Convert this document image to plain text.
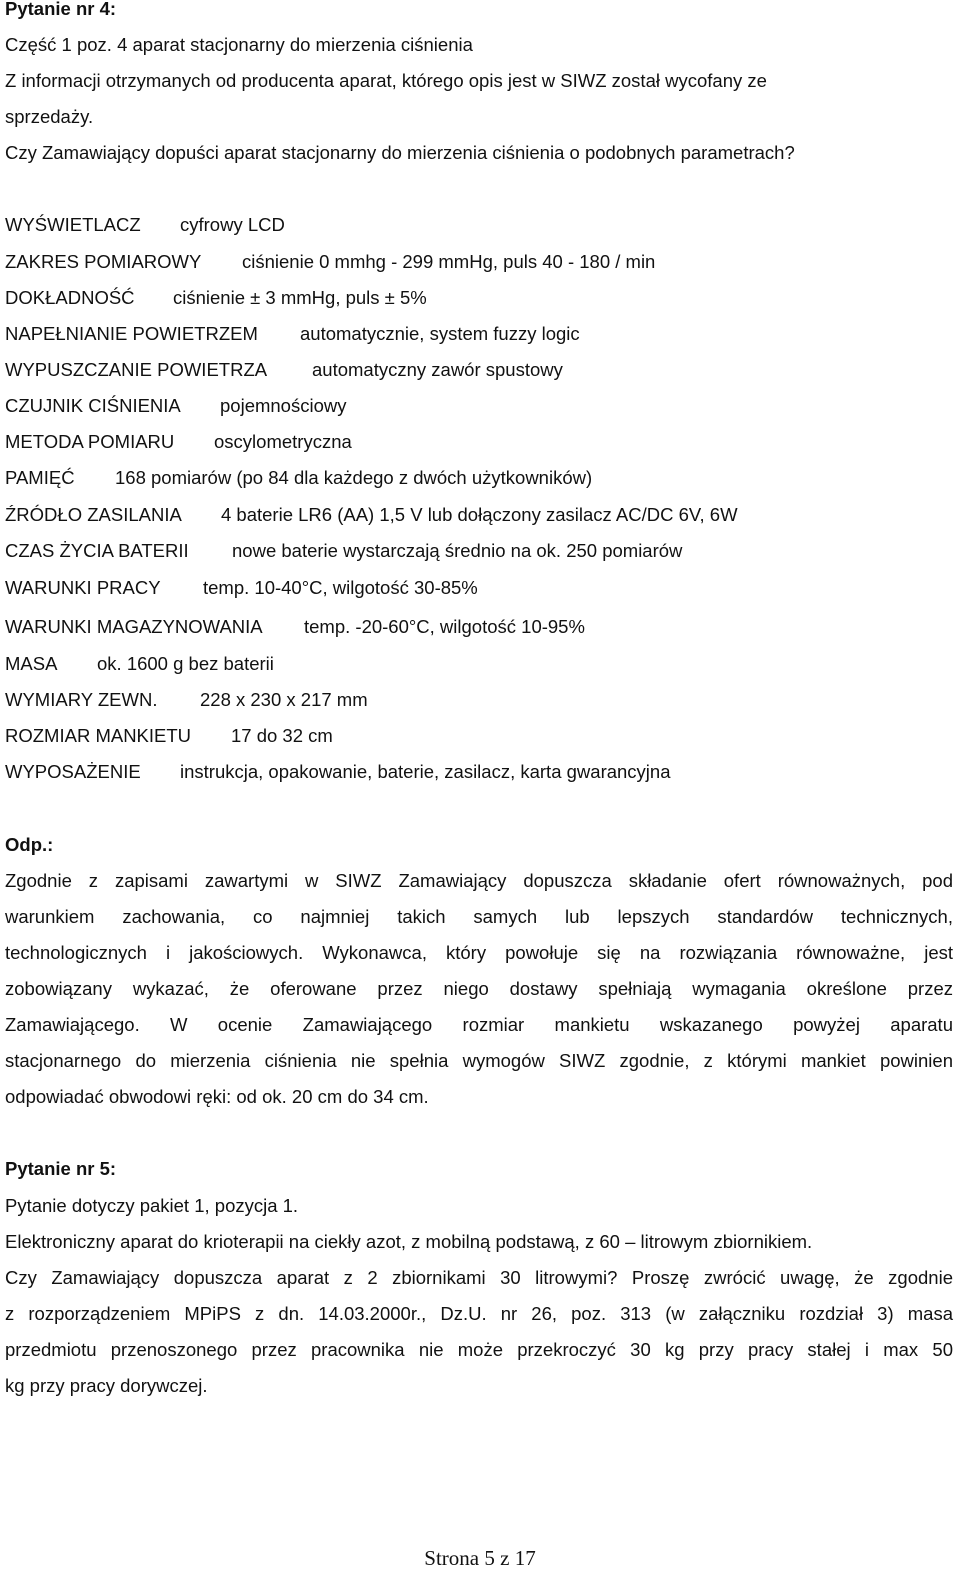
Pytanie nr 4:
Część 1 poz. 4 aparat stacjonarny do mierzenia ciśnienia
Z informacji otrzymanych od producenta aparat, którego opis jest w SIWZ został wycofany ze
sprzedaży.
Czy Zamawiający dopuści aparat stacjonarny do mierzenia ciśnienia o podobnych parametrach?
WYŚWIETLACZ cyfrowy LCD
ZAKRES POMIAROWY ciśnienie 0 mmhg - 299 mmHg, puls 40 - 180 / min
DOKŁADNOŚĆ ciśnienie ± 3 mmHg, puls ± 5%
NAPEŁNIANIE POWIETRZEM automatycznie, system fuzzy logic
WYPUSZCZANIE POWIETRZA automatyczny zawór spustowy
CZUJNIK CIŚNIENIA pojemnościowy
METODA POMIARU oscylometryczna
PAMIĘĆ 168 pomiarów (po 84 dla każdego z dwóch użytkowników)
ŹRÓDŁO ZASILANIA 4 baterie LR6 (AA) 1,5 V lub dołączony zasilacz AC/DC 6V, 6W
CZAS ŻYCIA BATERII nowe baterie wystarczają średnio na ok. 250 pomiarów
WARUNKI PRACY temp. 10-40°C, wilgotość 30-85%
WARUNKI MAGAZYNOWANIA temp. -20-60°C, wilgotość 10-95%
MASA ok. 1600 g bez baterii
WYMIARY ZEWN. 228 x 230 x 217 mm
ROZMIAR MANKIETU 17 do 32 cm
WYPOSAŻENIE instrukcja, opakowanie, baterie, zasilacz, karta gwarancyjna
Odp.:
Zgodnie z zapisami zawartymi w SIWZ Zamawiający dopuszcza składanie ofert równoważnych, pod
warunkiem zachowania, co najmniej takich samych lub lepszych standardów technicznych,
technologicznych i jakościowych. Wykonawca, który powołuje się na rozwiązania równoważne, jest
zobowiązany wykazać, że oferowane przez niego dostawy spełniają wymagania określone przez
Zamawiającego. W ocenie Zamawiającego rozmiar mankietu wskazanego powyżej aparatu
stacjonarnego do mierzenia ciśnienia nie spełnia wymogów SIWZ zgodnie, z którymi mankiet powinien
odpowiadać obwodowi ręki: od ok. 20 cm do 34 cm.
Pytanie nr 5:
Pytanie dotyczy pakiet 1, pozycja 1.
Elektroniczny aparat do krioterapii na ciekły azot, z mobilną podstawą, z 60 – litrowym zbiornikiem.
Czy Zamawiający dopuszcza aparat z 2 zbiornikami 30 litrowymi? Proszę zwrócić uwagę, że zgodnie
z rozporządzeniem MPiPS z dn. 14.03.2000r., Dz.U. nr 26, poz. 313 (w załączniku rozdział 3) masa
przedmiotu przenoszonego przez pracownika nie może przekroczyć 30 kg przy pracy stałej i max 50
kg przy pracy dorywczej.
Strona 5 z 17
